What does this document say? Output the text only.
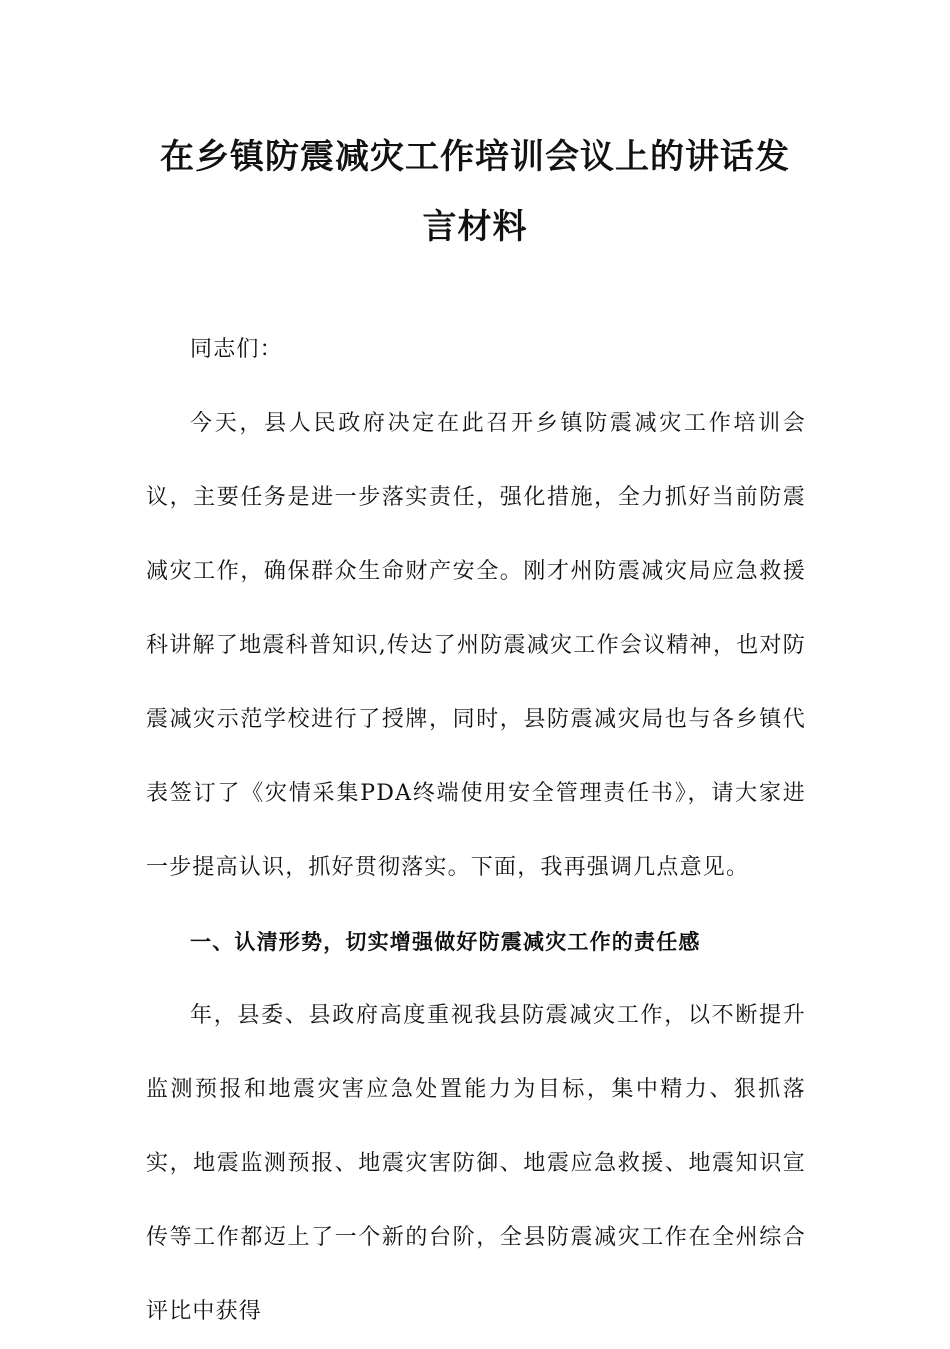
在乡镇防震减灾工作培训会议上的讲话发
言材料

同志们：

今天，县人民政府决定在此召开乡镇防震减灾工作培训会议，主要任务是进一步落实责任，强化措施，全力抓好当前防震减灾工作，确保群众生命财产安全。刚才州防震减灾局应急救援科讲解了地震科普知识,传达了州防震减灾工作会议精神，也对防震减灾示范学校进行了授牌，同时，县防震减灾局也与各乡镇代表签订了《灾情采集PDA终端使用安全管理责任书》，请大家进一步提高认识，抓好贯彻落实。下面，我再强调几点意见。

一、认清形势，切实增强做好防震减灾工作的责任感

年，县委、县政府高度重视我县防震减灾工作，以不断提升监测预报和地震灾害应急处置能力为目标，集中精力、狠抓落实，地震监测预报、地震灾害防御、地震应急救援、地震知识宣传等工作都迈上了一个新的台阶，全县防震减灾工作在全州综合评比中获得
